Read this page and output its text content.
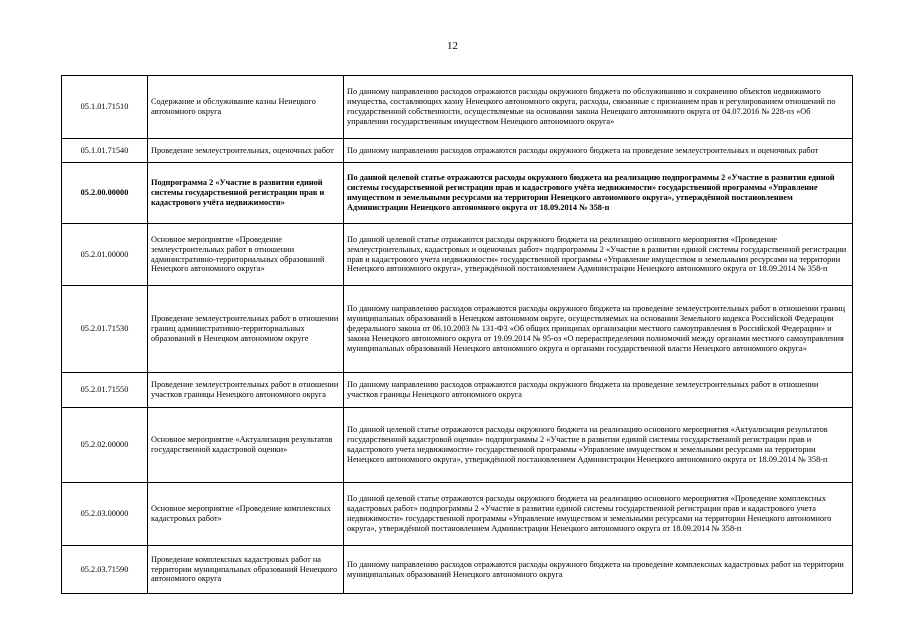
12
05.1.01.71510	Содержание и обслуживание казны Ненецкого автономного округа	По данному направлению расходов отражаются расходы окружного бюджета по обслуживанию и сохранению объектов недвижимого имущества, составляющих казну Ненецкого автономного округа, расходы, связанные с признанием прав и регулированием отношений по государственной собственности, осуществляемые на основании закона Ненецкого автономного округа от 04.07.2016 № 228-оз «Об управлении государственным имуществом Ненецкого автономного округа»
05.1.01.71540	Проведение землеустроительных, оценочных работ	По данному направлению расходов отражаются расходы окружного бюджета на проведение землеустроительных и оценочных работ
05.2.00.00000	Подпрограмма 2 «Участие в развитии единой системы государственной регистрации прав и кадастрового учёта недвижимости»	По данной целевой статье отражаются расходы окружного бюджета на реализацию подпрограммы 2 «Участие в развитии единой системы государственной регистрации прав и кадастрового учёта недвижимости» государственной программы «Управление имуществом и земельными ресурсами на территории Ненецкого автономного округа», утверждённой постановлением Администрации Ненецкого автономного округа от 18.09.2014 № 358-п
05.2.01.00000	Основное мероприятие «Проведение землеустроительных работ в отношении административно-территориальных образований Ненецкого автономного округа»	По данной целевой статье отражаются расходы окружного бюджета на реализацию основного мероприятия «Проведение землеустроительных, кадастровых и оценочных работ» подпрограммы 2 «Участие в развитии единой системы государственной регистрации прав и кадастрового учета недвижимости» государственной программы «Управление имуществом и земельными ресурсами на территории Ненецкого автономного округа», утверждённой постановлением Администрации Ненецкого автономного округа от 18.09.2014 № 358-п
05.2.01.71530	Проведение землеустроительных работ в отношении границ административно-территориальных образований в Ненецком автономном округе	По данному направлению расходов отражаются расходы окружного бюджета на проведение землеустроительных работ в отношении границ муниципальных образований в Ненецком автономном округе, осуществляемых на основании Земельного кодекса Российской Федерации федерального закона от 06.10.2003 № 131-ФЗ «Об общих принципах организации местного самоуправления в Российской Федерации» и закона Ненецкого автономного округа от 19.09.2014 № 95-оз «О перераспределении полномочий между органами местного самоуправления муниципальных образований Ненецкого автономного округа и органами государственной власти Ненецкого автономного округа»
05.2.01.71550	Проведение землеустроительных работ в отношении участков границы Ненецкого автономного округа	По данному направлению расходов отражаются расходы окружного бюджета на проведение землеустроительных работ в отношении участков границы Ненецкого автономного округа
05.2.02.00000	Основное мероприятие «Актуализация результатов государственной кадастровой оценки»	По данной целевой статье отражаются расходы окружного бюджета на реализацию основного мероприятия «Актуализация результатов государственной кадастровой оценки» подпрограммы 2 «Участие в развитии единой системы государственной регистрации прав и кадастрового учета недвижимости» государственной программы «Управление имуществом и земельными ресурсами на территории Ненецкого автономного округа», утверждённой постановлением Администрации Ненецкого автономного округа от 18.09.2014 № 358-п
05.2.03.00000	Основное мероприятие «Проведение комплексных кадастровых работ»	По данной целевой статье отражаются расходы окружного бюджета на реализацию основного мероприятия «Проведение комплексных кадастровых работ» подпрограммы 2 «Участие в развитии единой системы государственной регистрации прав и кадастрового учета недвижимости» государственной программы «Управление имуществом и земельными ресурсами на территории Ненецкого автономного округа», утверждённой постановлением Администрации Ненецкого автономного округа от 18.09.2014 № 358-п
05.2.03.71590	Проведение комплексных кадастровых работ на территории муниципальных образований Ненецкого автономного округа	По данному направлению расходов отражаются расходы окружного бюджета на проведение комплексных кадастровых работ на территории муниципальных образований Ненецкого автономного округа
